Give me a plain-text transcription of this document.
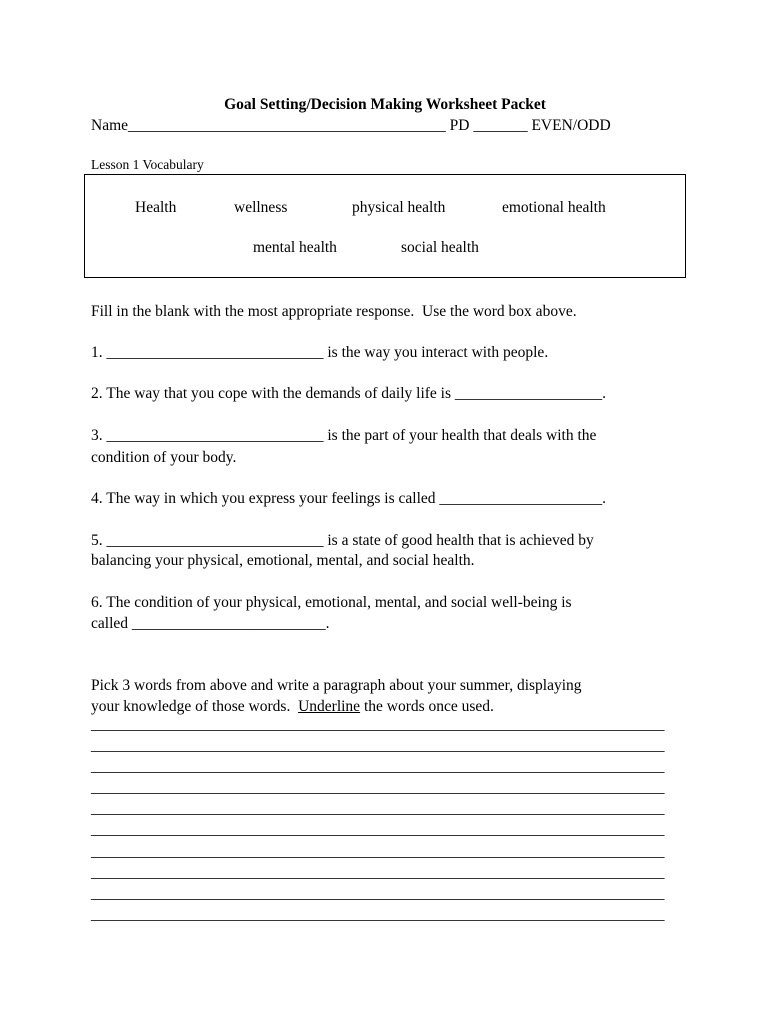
Goal Setting/Decision Making Worksheet Packet
Name_________________________________________ PD _______ EVEN/ODD
Lesson 1 Vocabulary
Health	wellness	physical health	emotional health
mental health	social health
Fill in the blank with the most appropriate response.  Use the word box above.
1. ____________________________ is the way you interact with people.
2. The way that you cope with the demands of daily life is ___________________.
3. ____________________________ is the part of your health that deals with the
condition of your body.
4. The way in which you express your feelings is called _____________________.
5. ____________________________ is a state of good health that is achieved by
balancing your physical, emotional, mental, and social health.
6. The condition of your physical, emotional, mental, and social well-being is
called _________________________.
Pick 3 words from above and write a paragraph about your summer, displaying
your knowledge of those words.  Underline the words once used.
__________________________________________________________________________
__________________________________________________________________________
__________________________________________________________________________
__________________________________________________________________________
__________________________________________________________________________
__________________________________________________________________________
__________________________________________________________________________
__________________________________________________________________________
__________________________________________________________________________
__________________________________________________________________________
